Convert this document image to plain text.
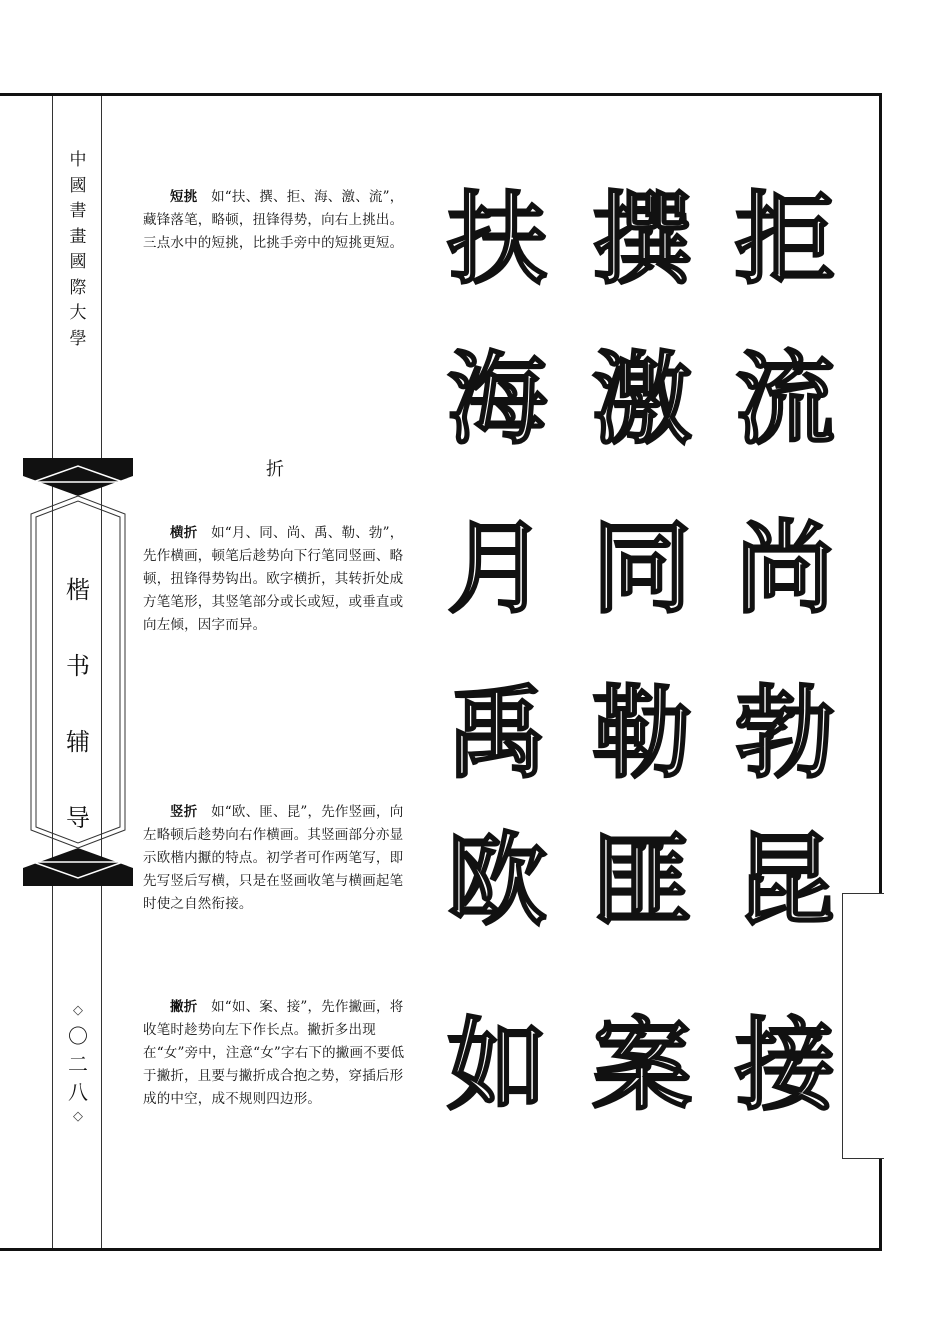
中國書畫國際大學
楷书辅导
◇
〇二八
◇

短挑　如“扶、撰、拒、海、激、流”，藏锋落笔，略顿，扭锋得势，向右上挑出。三点水中的短挑，比挑手旁中的短挑更短。

折

横折　如“月、同、尚、禹、勒、勃”，先作横画，顿笔后趁势向下行笔同竖画、略顿，扭锋得势钩出。欧字横折，其转折处成方笔笔形，其竖笔部分或长或短，或垂直或向左倾，因字而异。

竖折　如“欧、匪、昆”，先作竖画，向左略顿后趁势向右作横画。其竖画部分亦显示欧楷内擫的特点。初学者可作两笔写，即先写竖后写横，只是在竖画收笔与横画起笔时使之自然衔接。

撇折　如“如、案、接”，先作撇画，将收笔时趁势向左下作长点。撇折多出现在“女”旁中，注意“女”字右下的撇画不要低于撇折，且要与撇折成合抱之势，穿插后形成的中空，成不规则四边形。

扶 撰 拒
海 激 流
月 同 尚
禹 勒 勃
欧 匪 昆
如 案 接
